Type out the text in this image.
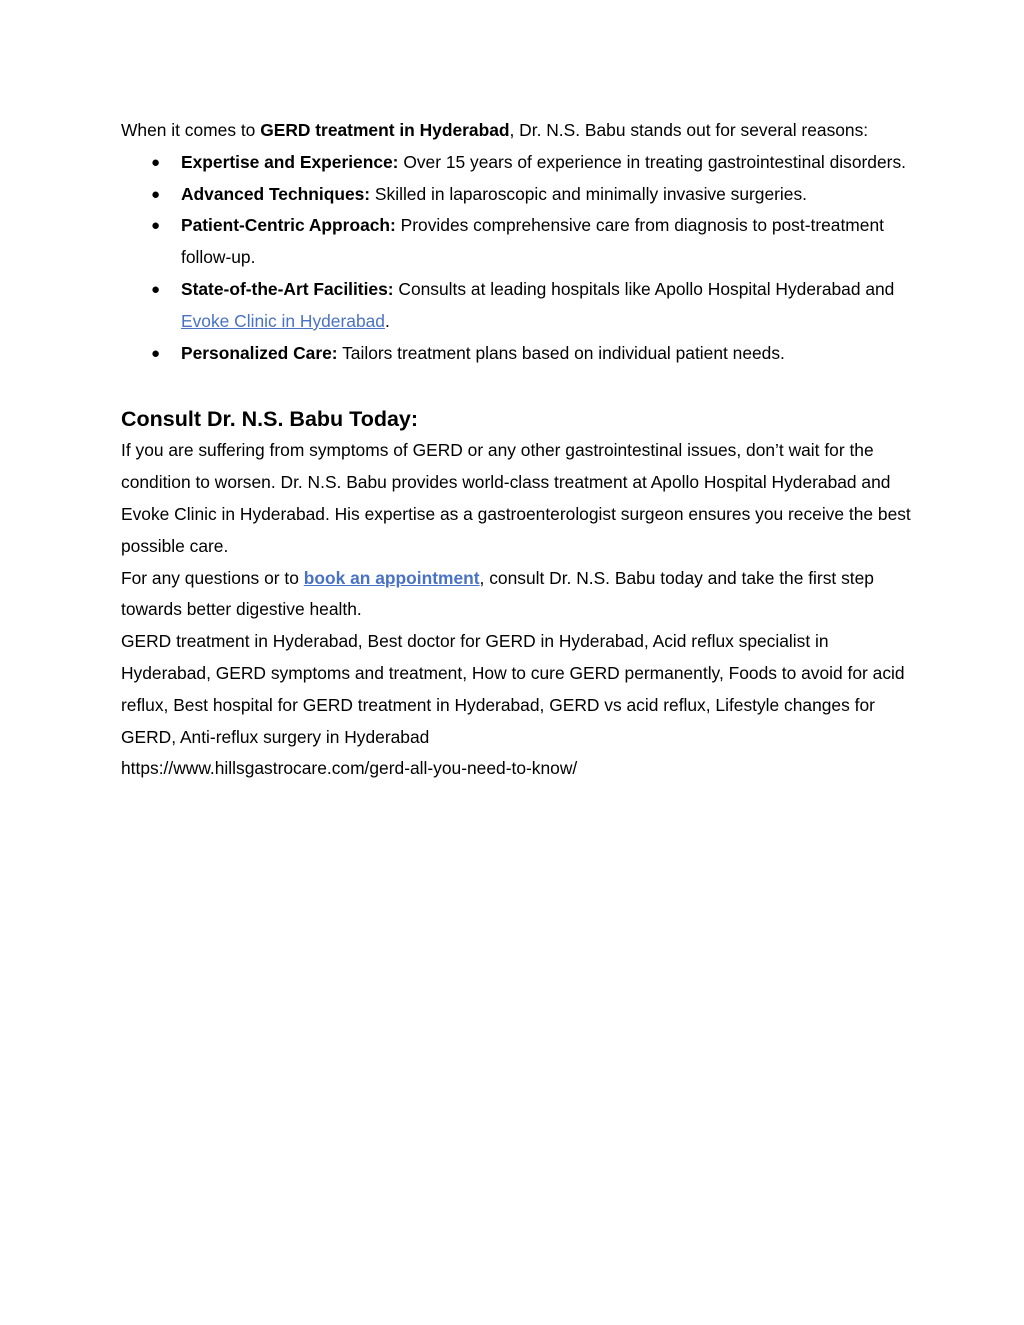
When it comes to GERD treatment in Hyderabad, Dr. N.S. Babu stands out for several reasons:

● Expertise and Experience: Over 15 years of experience in treating gastrointestinal disorders.
● Advanced Techniques: Skilled in laparoscopic and minimally invasive surgeries.
● Patient-Centric Approach: Provides comprehensive care from diagnosis to post-treatment follow-up.
● State-of-the-Art Facilities: Consults at leading hospitals like Apollo Hospital Hyderabad and Evoke Clinic in Hyderabad.
● Personalized Care: Tailors treatment plans based on individual patient needs.
Consult Dr. N.S. Babu Today:

If you are suffering from symptoms of GERD or any other gastrointestinal issues, don’t wait for the condition to worsen. Dr. N.S. Babu provides world-class treatment at Apollo Hospital Hyderabad and Evoke Clinic in Hyderabad. His expertise as a gastroenterologist surgeon ensures you receive the best possible care.

For any questions or to book an appointment, consult Dr. N.S. Babu today and take the first step towards better digestive health.

GERD treatment in Hyderabad, Best doctor for GERD in Hyderabad, Acid reflux specialist in Hyderabad, GERD symptoms and treatment, How to cure GERD permanently, Foods to avoid for acid reflux, Best hospital for GERD treatment in Hyderabad, GERD vs acid reflux, Lifestyle changes for GERD, Anti-reflux surgery in Hyderabad

https://www.hillsgastrocare.com/gerd-all-you-need-to-know/
